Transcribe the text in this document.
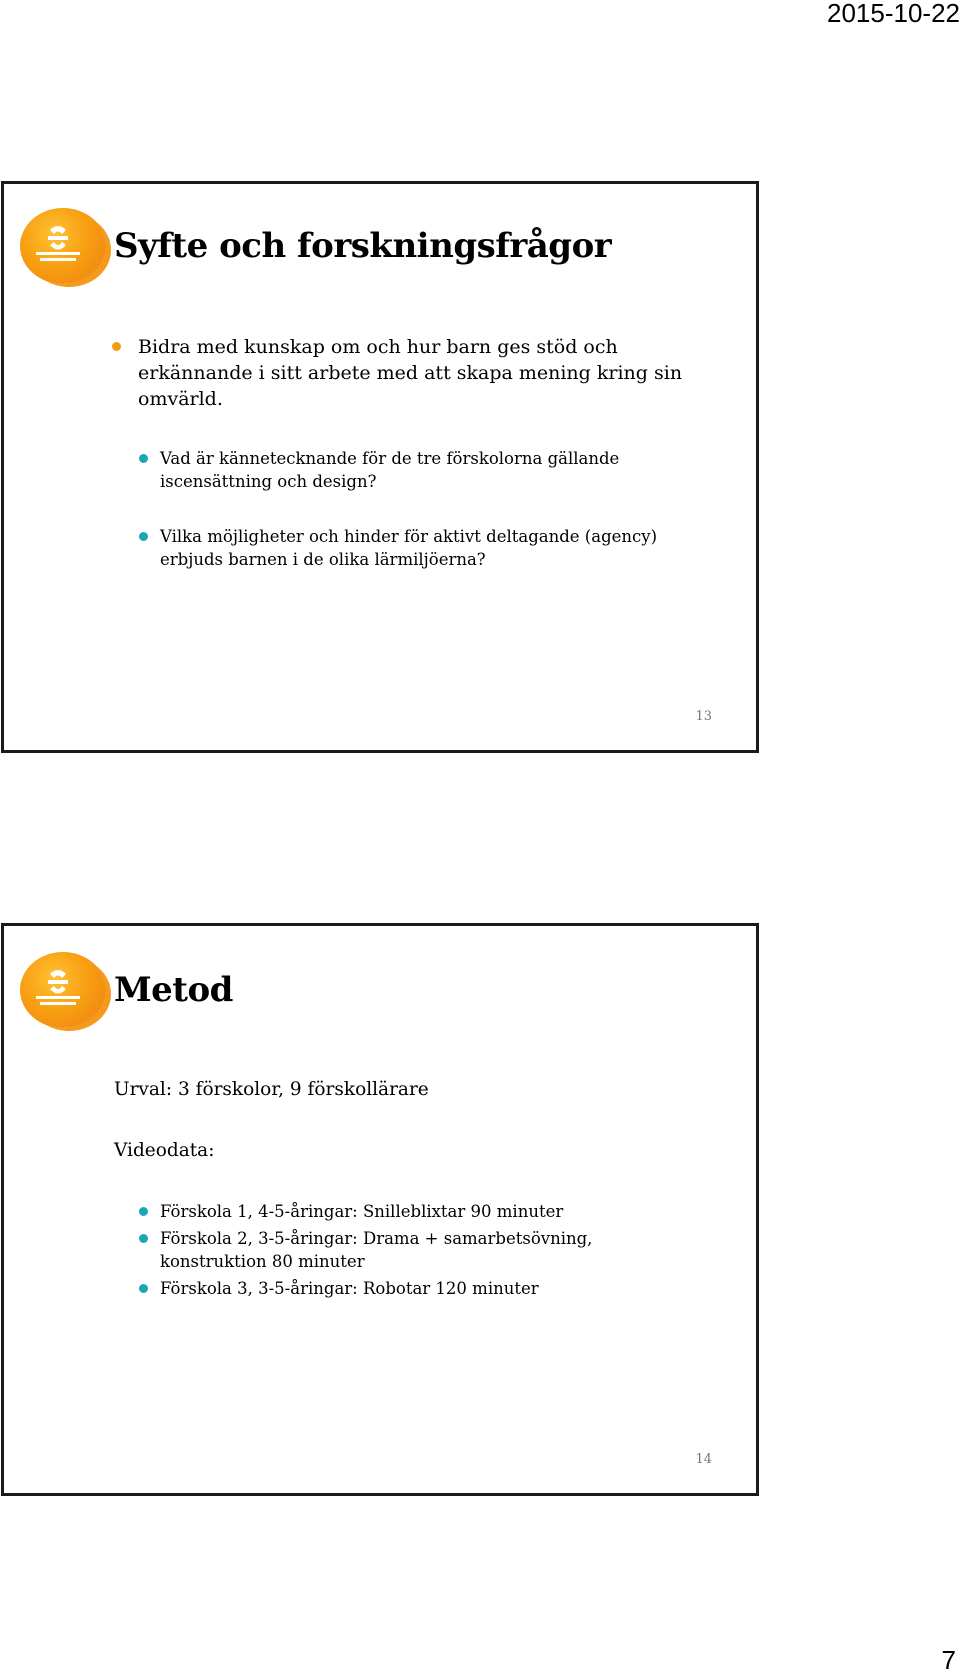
2015-10-22
Syfte och forskningsfrågor
Bidra med kunskap om och hur barn ges stöd och
erkännande i sitt arbete med att skapa mening kring sin
omvärld.
Vad är kännetecknande för de tre förskolorna gällande
iscensättning och design?
Vilka möjligheter och hinder för aktivt deltagande (agency)
erbjuds barnen i de olika lärmiljöerna?
13
Metod
Urval: 3 förskolor, 9 förskollärare
Videodata:
Förskola 1, 4-5-åringar: Snilleblixtar 90 minuter
Förskola 2, 3-5-åringar: Drama + samarbetsövning,
konstruktion 80 minuter
Förskola 3, 3-5-åringar: Robotar 120 minuter
14
7
